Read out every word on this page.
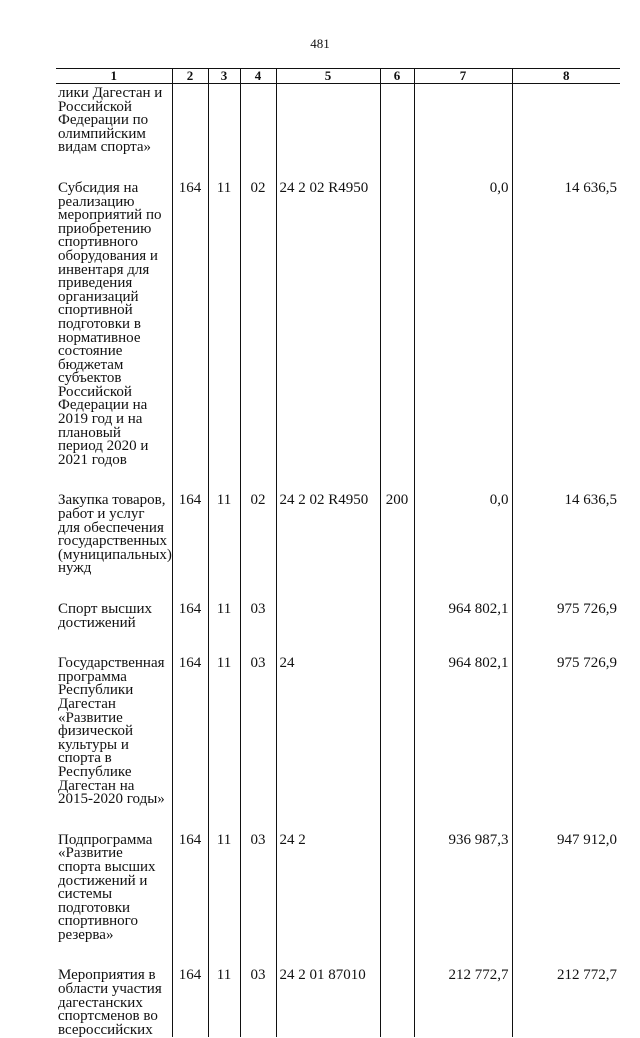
481
1	2	3	4	5	6	7	8
лики Дагестан и Российской Федерации по олимпийским видам спорта»							

Субсидия на реализацию мероприятий по приобретению спортивного оборудования и инвентаря для приведения организаций спортивной подготовки в нормативное состояние бюджетам субъектов Российской Федерации на 2019 год и на плановый период 2020 и 2021 годов	164	11	02	24 2 02 R4950		0,0	14 636,5

Закупка товаров, работ и услуг для обеспечения государственных (муниципальных) нужд	164	11	02	24 2 02 R4950	200	0,0	14 636,5

Спорт высших достижений	164	11	03			964 802,1	975 726,9

Государственная программа Республики Дагестан «Развитие физической культуры и спорта в Республике Дагестан на 2015-2020 годы»	164	11	03	24		964 802,1	975 726,9

Подпрограмма «Развитие спорта высших достижений и системы подготовки спортивного резерва»	164	11	03	24 2		936 987,3	947 912,0

Мероприятия в области участия дагестанских спортсменов во всероссийских	164	11	03	24 2 01 87010		212 772,7	212 772,7
